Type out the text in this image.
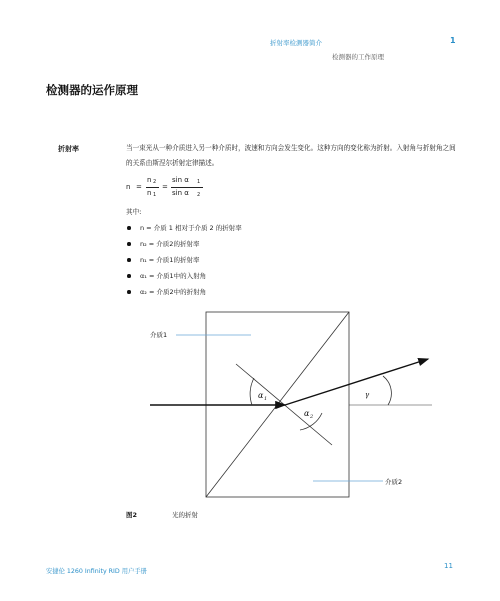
折射率检测器简介	1
检测器的工作原理
检测器的运作原理
折射率	当一束光从一种介质进入另一种介质时，波速和方向会发生变化。这种方向的变化称为折射。入射角与折射角之间的关系由斯涅尔折射定律描述。
n =
n 2
n 1
=
sin α 1
sin α 2
其中:
n = 介质 1 相对于介质 2 的折射率
n₂ = 介质2的折射率
n₁ = 介质1的折射率
α₁ = 介质1中的入射角
α₂ = 介质2中的折射角
介质1
介质2
α 1
α 2
γ
图2	光的折射
安捷伦 1260 Infinity RID 用户手册
11
